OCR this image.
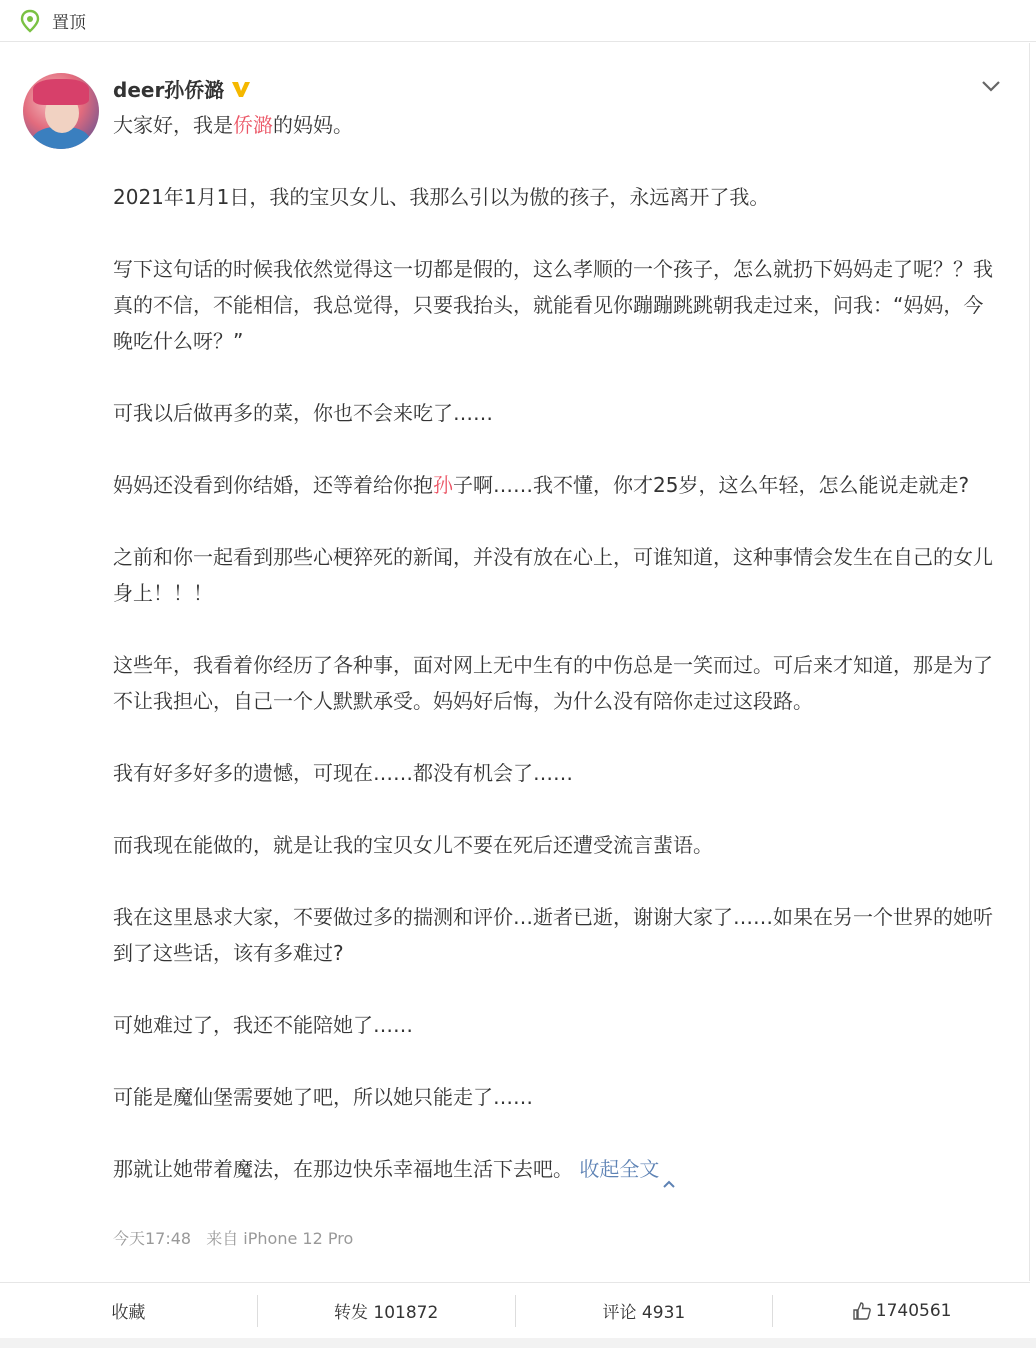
置顶
deer孙侨潞

大家好，我是侨潞的妈妈。

2021年1月1日，我的宝贝女儿、我那么引以为傲的孩子，永远离开了我。

写下这句话的时候我依然觉得这一切都是假的，这么孝顺的一个孩子，怎么就扔下妈妈走了呢？？我真的不信，不能相信，我总觉得，只要我抬头，就能看见你蹦蹦跳跳朝我走过来，问我：“妈妈，今晚吃什么呀？”

可我以后做再多的菜，你也不会来吃了……

妈妈还没看到你结婚，还等着给你抱孙子啊……我不懂，你才25岁，这么年轻，怎么能说走就走?

之前和你一起看到那些心梗猝死的新闻，并没有放在心上，可谁知道，这种事情会发生在自己的女儿身上！！！

这些年，我看着你经历了各种事，面对网上无中生有的中伤总是一笑而过。可后来才知道，那是为了不让我担心，自己一个人默默承受。妈妈好后悔，为什么没有陪你走过这段路。

我有好多好多的遗憾，可现在……都没有机会了……

而我现在能做的，就是让我的宝贝女儿不要在死后还遭受流言蜚语。

我在这里恳求大家，不要做过多的揣测和评价…逝者已逝，谢谢大家了……如果在另一个世界的她听到了这些话，该有多难过?

可她难过了，我还不能陪她了……

可能是魔仙堡需要她了吧，所以她只能走了……

那就让她带着魔法，在那边快乐幸福地生活下去吧。 收起全文

今天17:48 来自 iPhone 12 Pro
收藏	转发 101872	评论 4931	1740561
